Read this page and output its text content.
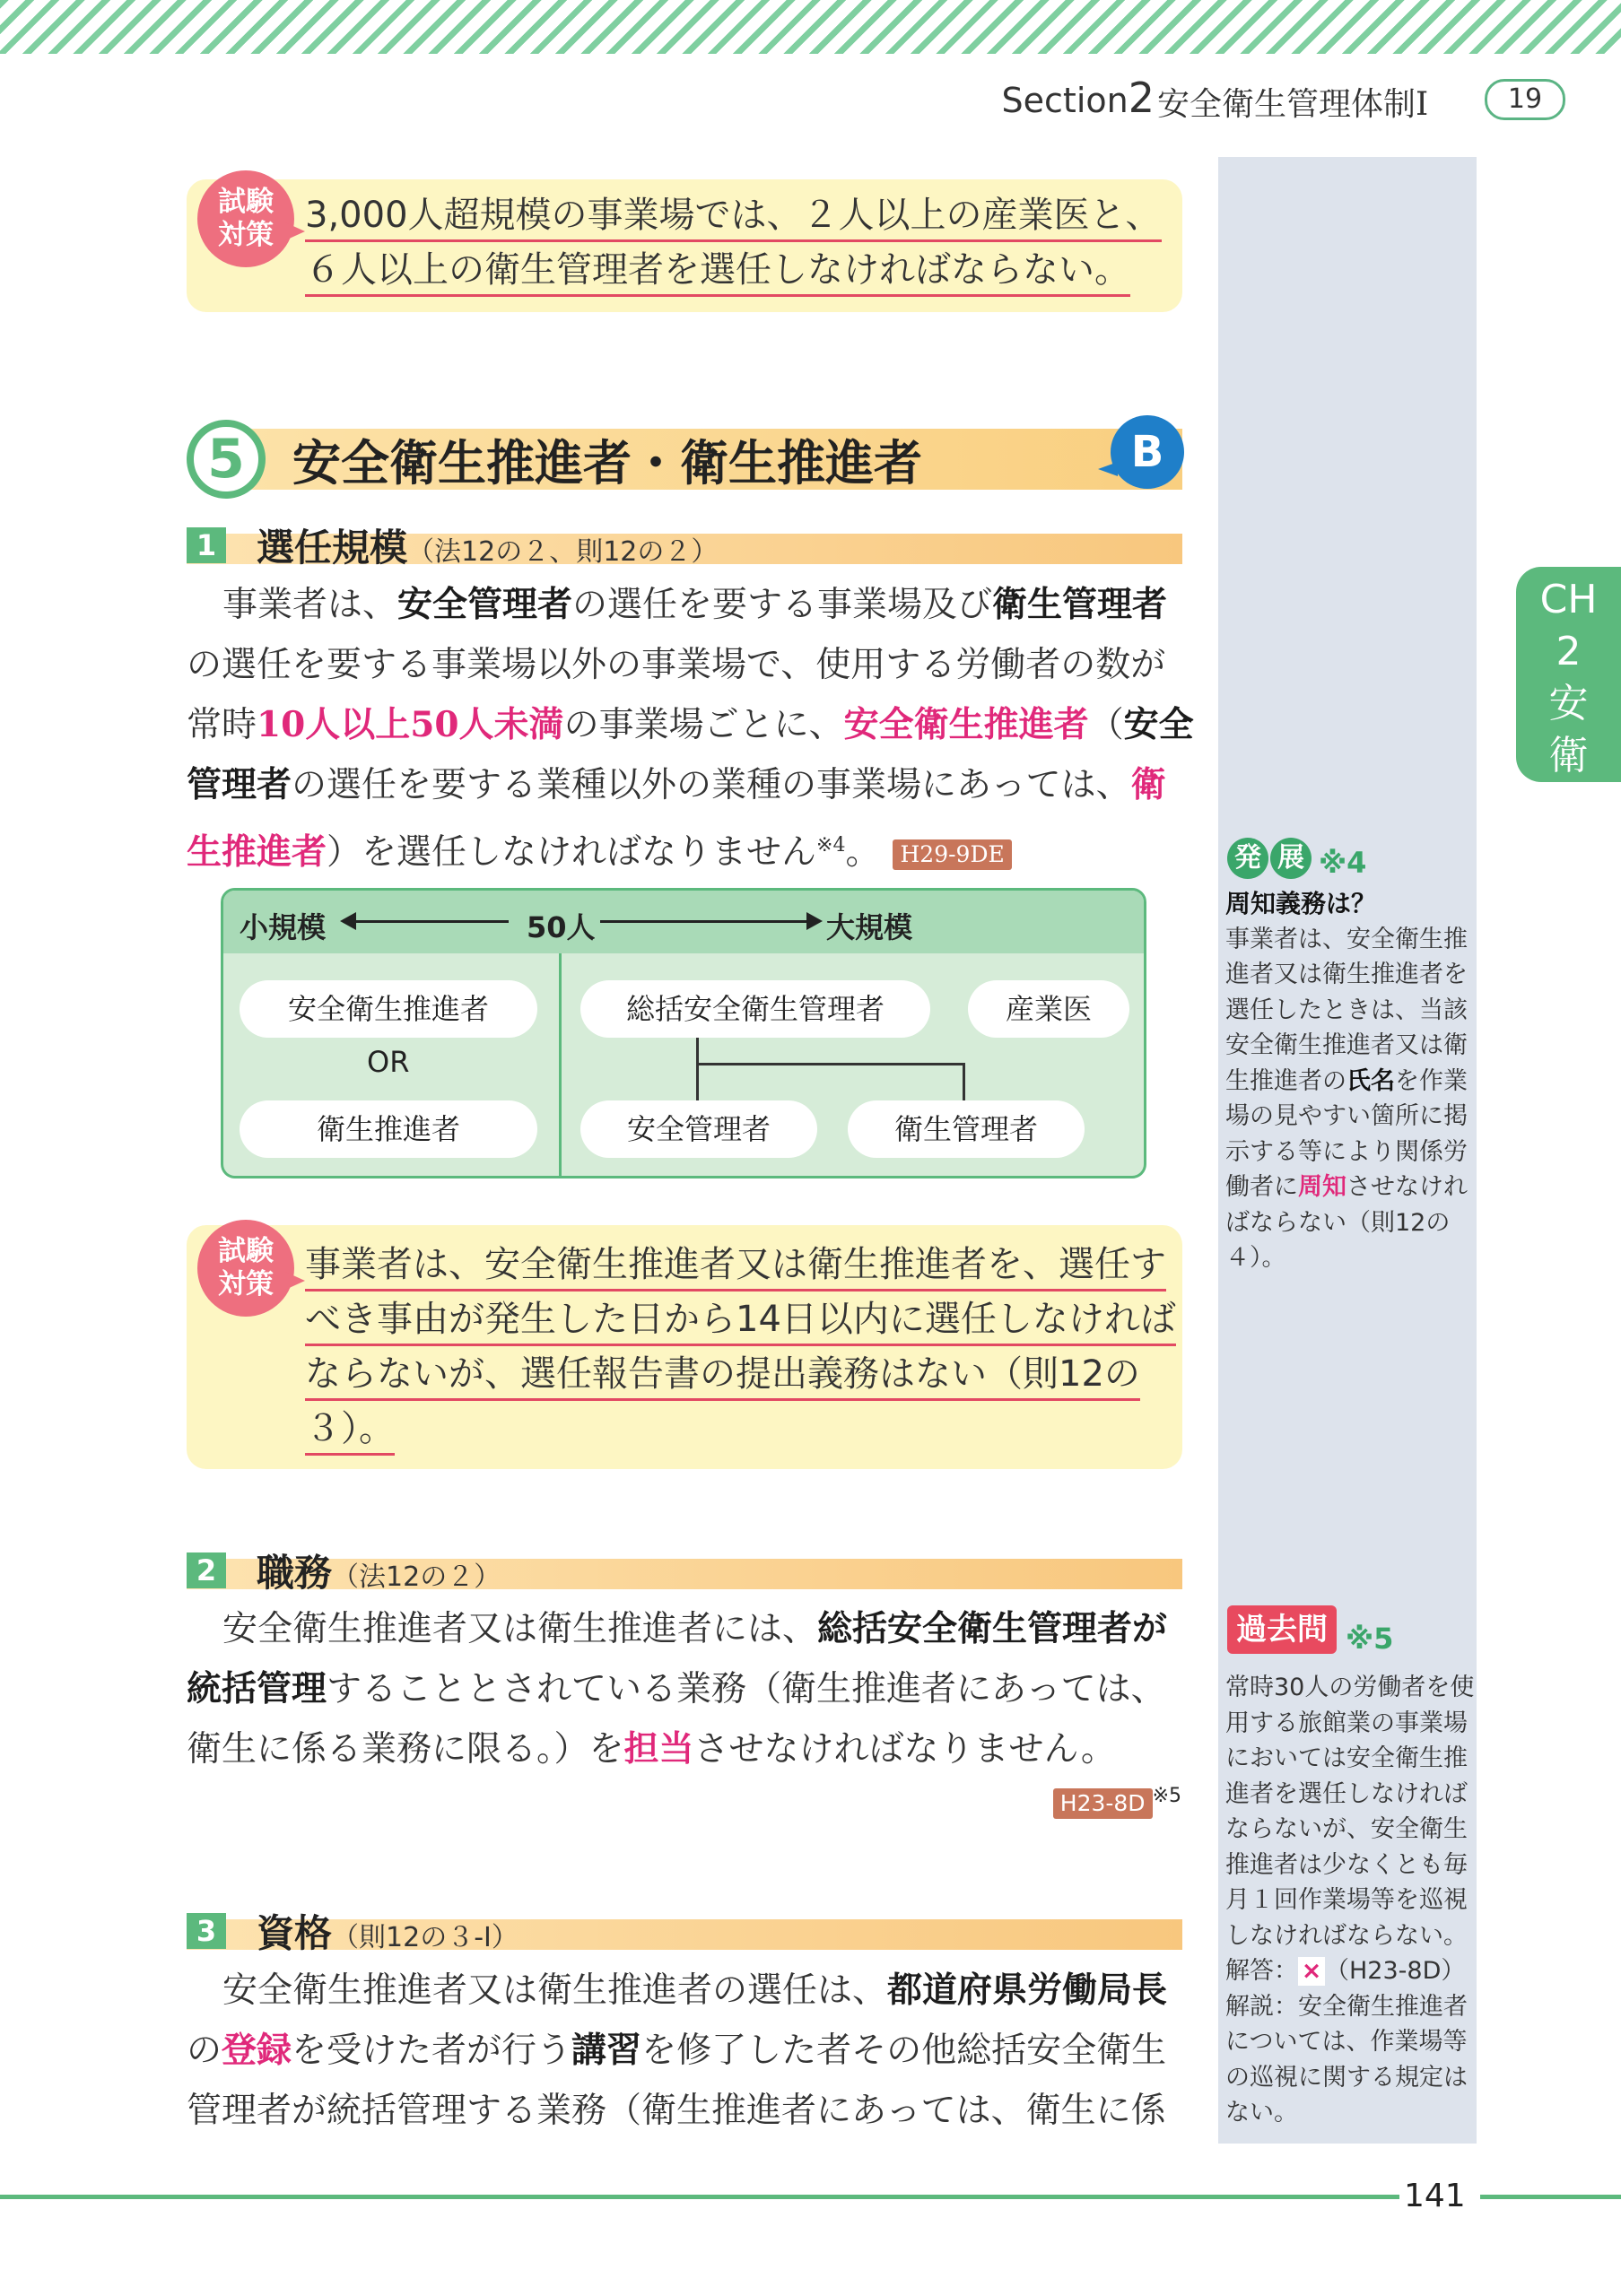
Section2 安全衛生管理体制Ⅰ	19
CH
2
安
衛
試験
対策 3,000人超規模の事業場では、２人以上の産業医と、
６人以上の衛生管理者を選任しなければならない。
5 安全衛生推進者・衛生推進者	B
1 選任規模（法12の２、則12の２）
事業者は、安全管理者の選任を要する事業場及び衛生管理者
の選任を要する事業場以外の事業場で、使用する労働者の数が
常時10人以上50人未満の事業場ごとに、安全衛生推進者（安全
管理者の選任を要する業種以外の業種の事業場にあっては、衛
生推進者）を選任しなければなりません$^{※4}$。 H29-9DE
小規模	50人	大規模
安全衛生推進者
OR
衛生推進者
総括安全衛生管理者	産業医
安全管理者	衛生管理者
試験
対策 事業者は、安全衛生推進者又は衛生推進者を、選任す
べき事由が発生した日から14日以内に選任しなければ
ならないが、選任報告書の提出義務はない（則12の
３）。
2 職務（法12の２）
安全衛生推進者又は衛生推進者には、総括安全衛生管理者が
統括管理することとされている業務（衛生推進者にあっては、
衛生に係る業務に限る。）を担当させなければなりません。
H23-8D ※5
3 資格（則12の３-Ⅰ）
安全衛生推進者又は衛生推進者の選任は、都道府県労働局長
の登録を受けた者が行う講習を修了した者その他総括安全衛生
管理者が統括管理する業務（衛生推進者にあっては、衛生に係
発 展 ※4
周知義務は？
事業者は、安全衛生推
進者又は衛生推進者を
選任したときは、当該
安全衛生推進者又は衛
生推進者の氏名を作業
場の見やすい箇所に掲
示する等により関係労
働者に周知させなけれ
ばならない（則12の
４）。
過去問 ※5
常時30人の労働者を使
用する旅館業の事業場
においては安全衛生推
進者を選任しなければ
ならないが、安全衛生
推進者は少なくとも毎
月１回作業場等を巡視
しなければならない。
解答： × （H23-8D）
解説：安全衛生推進者
については、作業場等
の巡視に関する規定は
ない。
141
